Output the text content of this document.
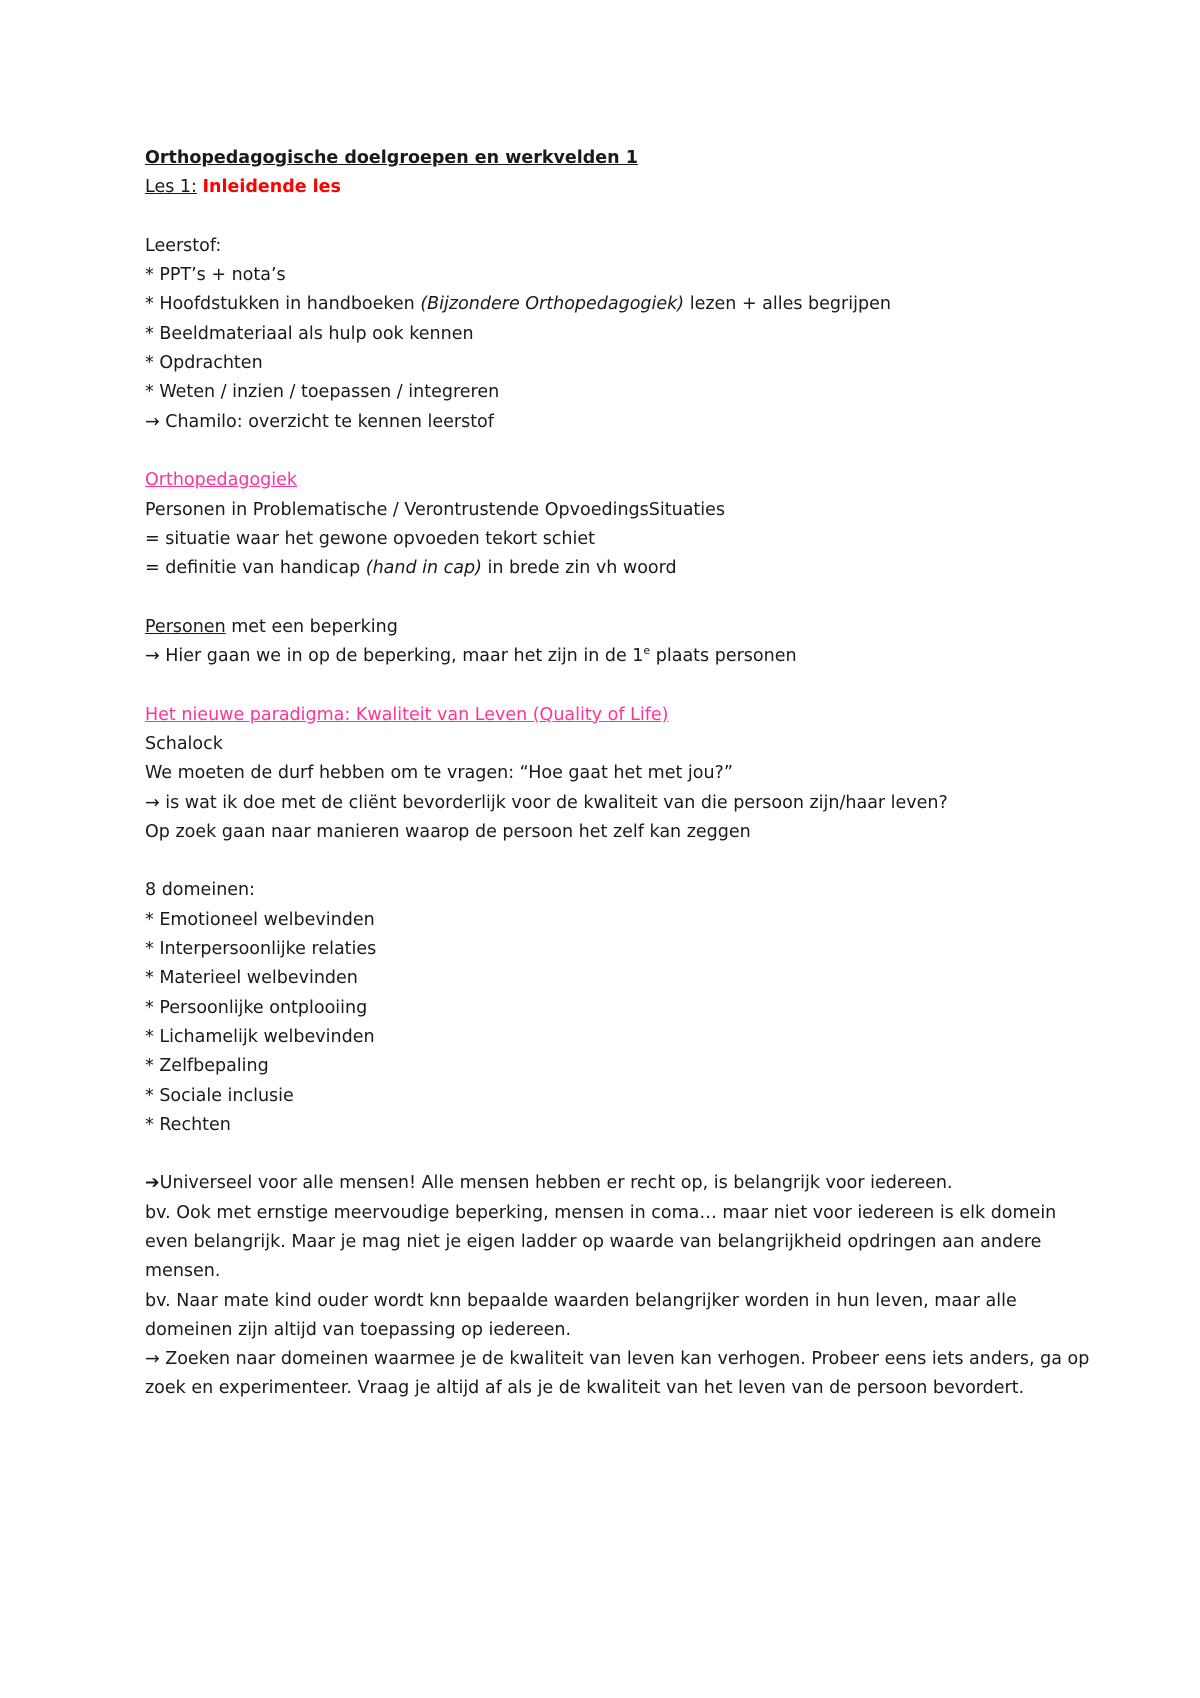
Orthopedagogische doelgroepen en werkvelden 1
Les 1: Inleidende les
Leerstof:
* PPT’s + nota’s
* Hoofdstukken in handboeken (Bijzondere Orthopedagogiek) lezen + alles begrijpen
* Beeldmateriaal als hulp ook kennen
* Opdrachten
* Weten / inzien / toepassen / integreren
→ Chamilo: overzicht te kennen leerstof
Orthopedagogiek
Personen in Problematische / Verontrustende OpvoedingsSituaties
= situatie waar het gewone opvoeden tekort schiet
= definitie van handicap (hand in cap) in brede zin vh woord
Personen met een beperking
→ Hier gaan we in op de beperking, maar het zijn in de 1e plaats personen
Het nieuwe paradigma: Kwaliteit van Leven (Quality of Life)
Schalock
We moeten de durf hebben om te vragen: “Hoe gaat het met jou?”
→ is wat ik doe met de cliënt bevorderlijk voor de kwaliteit van die persoon zijn/haar leven?
Op zoek gaan naar manieren waarop de persoon het zelf kan zeggen
8 domeinen:
* Emotioneel welbevinden
* Interpersoonlijke relaties
* Materieel welbevinden
* Persoonlijke ontplooiing
* Lichamelijk welbevinden
* Zelfbepaling
* Sociale inclusie
* Rechten
➔Universeel voor alle mensen! Alle mensen hebben er recht op, is belangrijk voor iedereen.
bv. Ook met ernstige meervoudige beperking, mensen in coma… maar niet voor iedereen is elk domein even belangrijk. Maar je mag niet je eigen ladder op waarde van belangrijkheid opdringen aan andere mensen.
bv. Naar mate kind ouder wordt knn bepaalde waarden belangrijker worden in hun leven, maar alle domeinen zijn altijd van toepassing op iedereen.
→ Zoeken naar domeinen waarmee je de kwaliteit van leven kan verhogen. Probeer eens iets anders, ga op zoek en experimenteer. Vraag je altijd af als je de kwaliteit van het leven van de persoon bevordert.
